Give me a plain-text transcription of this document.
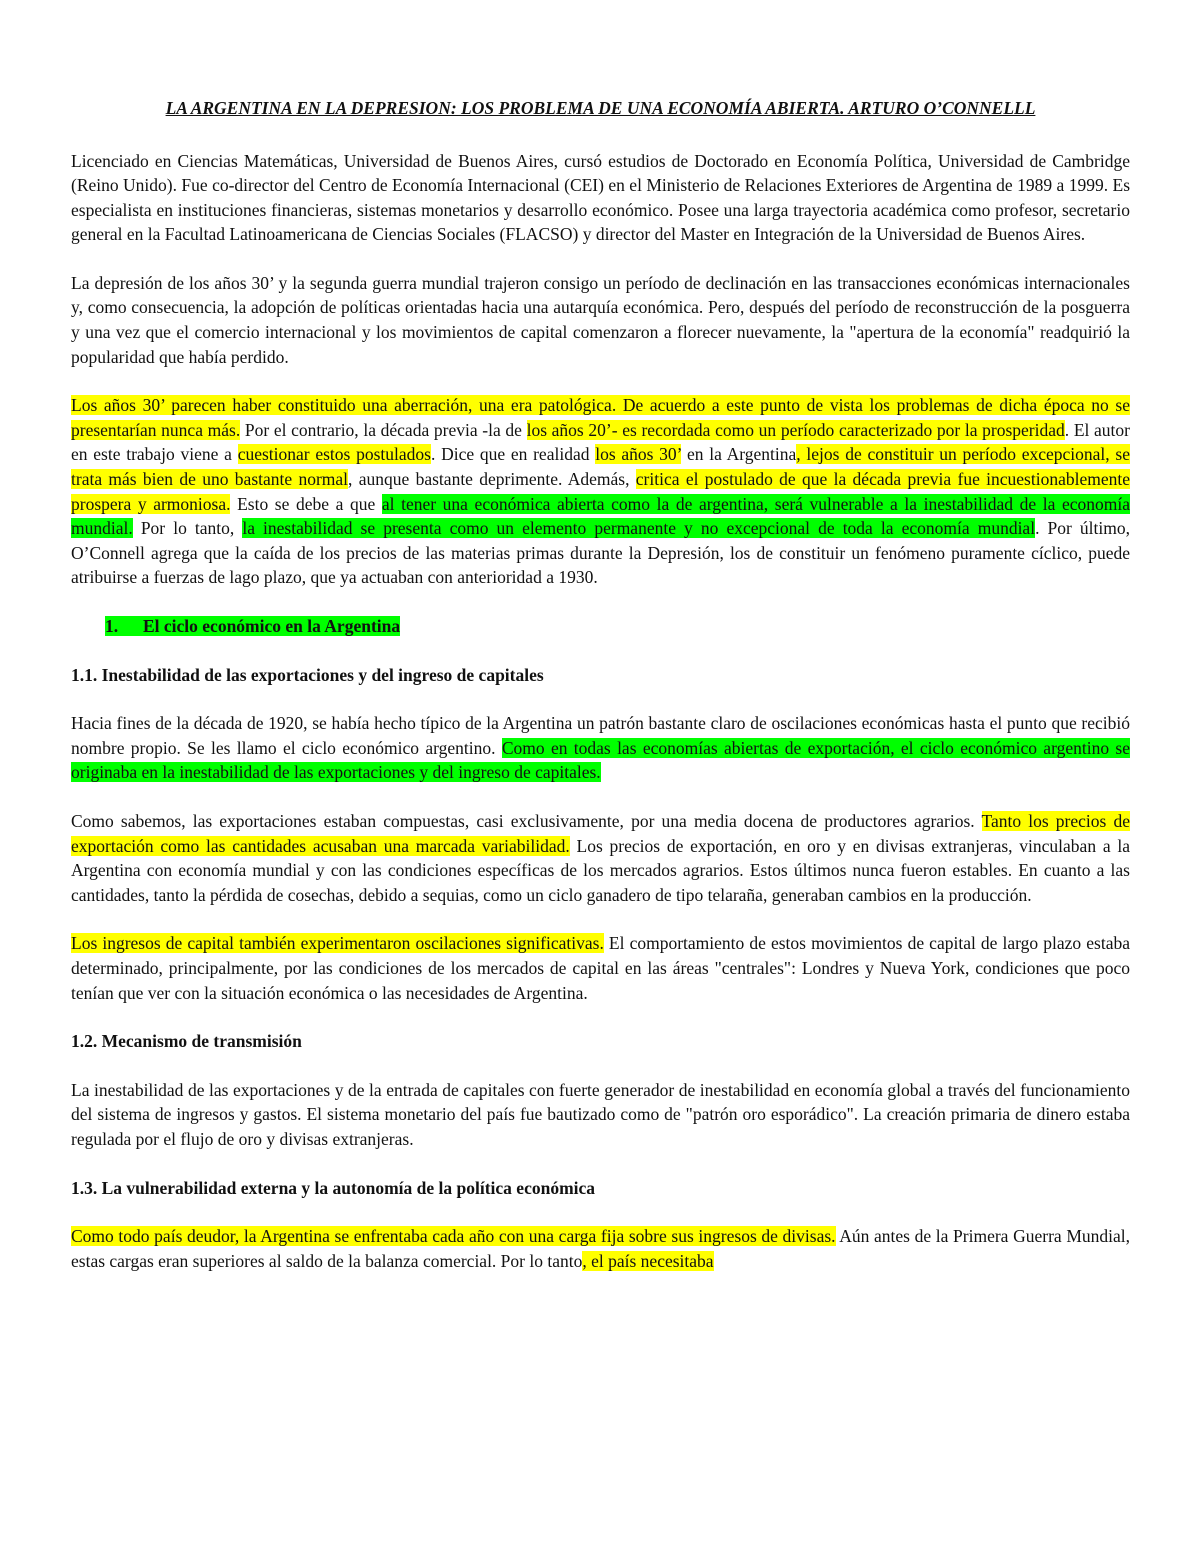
LA ARGENTINA EN LA DEPRESION: LOS PROBLEMA DE UNA ECONOMÍA ABIERTA. ARTURO O’CONNELLL

Licenciado en Ciencias Matemáticas, Universidad de Buenos Aires, cursó estudios de Doctorado en Economía Política, Universidad de Cambridge (Reino Unido). Fue co-director del Centro de Economía Internacional (CEI) en el Ministerio de Relaciones Exteriores de Argentina de 1989 a 1999. Es especialista en instituciones financieras, sistemas monetarios y desarrollo económico. Posee una larga trayectoria académica como profesor, secretario general en la Facultad Latinoamericana de Ciencias Sociales (FLACSO) y director del Master en Integración de la Universidad de Buenos Aires.

La depresión de los años 30’ y la segunda guerra mundial trajeron consigo un período de declinación en las transacciones económicas internacionales y, como consecuencia, la adopción de políticas orientadas hacia una autarquía económica. Pero, después del período de reconstrucción de la posguerra y una vez que el comercio internacional y los movimientos de capital comenzaron a florecer nuevamente, la "apertura de la economía" readquirió la popularidad que había perdido.

Los años 30’ parecen haber constituido una aberración, una era patológica. De acuerdo a este punto de vista los problemas de dicha época no se presentarían nunca más. Por el contrario, la década previa -la de los años 20’- es recordada como un período caracterizado por la prosperidad. El autor en este trabajo viene a cuestionar estos postulados. Dice que en realidad los años 30’ en la Argentina, lejos de constituir un período excepcional, se trata más bien de uno bastante normal, aunque bastante deprimente. Además, critica el postulado de que la década previa fue incuestionablemente prospera y armoniosa. Esto se debe a que al tener una económica abierta como la de argentina, será vulnerable a la inestabilidad de la economía mundial. Por lo tanto, la inestabilidad se presenta como un elemento permanente y no excepcional de toda la economía mundial. Por último, O’Connell agrega que la caída de los precios de las materias primas durante la Depresión, los de constituir un fenómeno puramente cíclico, puede atribuirse a fuerzas de lago plazo, que ya actuaban con anterioridad a 1930.

1. El ciclo económico en la Argentina
1.1. Inestabilidad de las exportaciones y del ingreso de capitales

Hacia fines de la década de 1920, se había hecho típico de la Argentina un patrón bastante claro de oscilaciones económicas hasta el punto que recibió nombre propio. Se les llamo el ciclo económico argentino. Como en todas las economías abiertas de exportación, el ciclo económico argentino se originaba en la inestabilidad de las exportaciones y del ingreso de capitales.

Como sabemos, las exportaciones estaban compuestas, casi exclusivamente, por una media docena de productores agrarios. Tanto los precios de exportación como las cantidades acusaban una marcada variabilidad. Los precios de exportación, en oro y en divisas extranjeras, vinculaban a la Argentina con economía mundial y con las condiciones específicas de los mercados agrarios. Estos últimos nunca fueron estables. En cuanto a las cantidades, tanto la pérdida de cosechas, debido a sequias, como un ciclo ganadero de tipo telaraña, generaban cambios en la producción.

Los ingresos de capital también experimentaron oscilaciones significativas. El comportamiento de estos movimientos de capital de largo plazo estaba determinado, principalmente, por las condiciones de los mercados de capital en las áreas "centrales": Londres y Nueva York, condiciones que poco tenían que ver con la situación económica o las necesidades de Argentina.

1.2. Mecanismo de transmisión

La inestabilidad de las exportaciones y de la entrada de capitales con fuerte generador de inestabilidad en economía global a través del funcionamiento del sistema de ingresos y gastos. El sistema monetario del país fue bautizado como de "patrón oro esporádico". La creación primaria de dinero estaba regulada por el flujo de oro y divisas extranjeras.

1.3. La vulnerabilidad externa y la autonomía de la política económica

Como todo país deudor, la Argentina se enfrentaba cada año con una carga fija sobre sus ingresos de divisas. Aún antes de la Primera Guerra Mundial, estas cargas eran superiores al saldo de la balanza comercial. Por lo tanto, el país necesitaba
